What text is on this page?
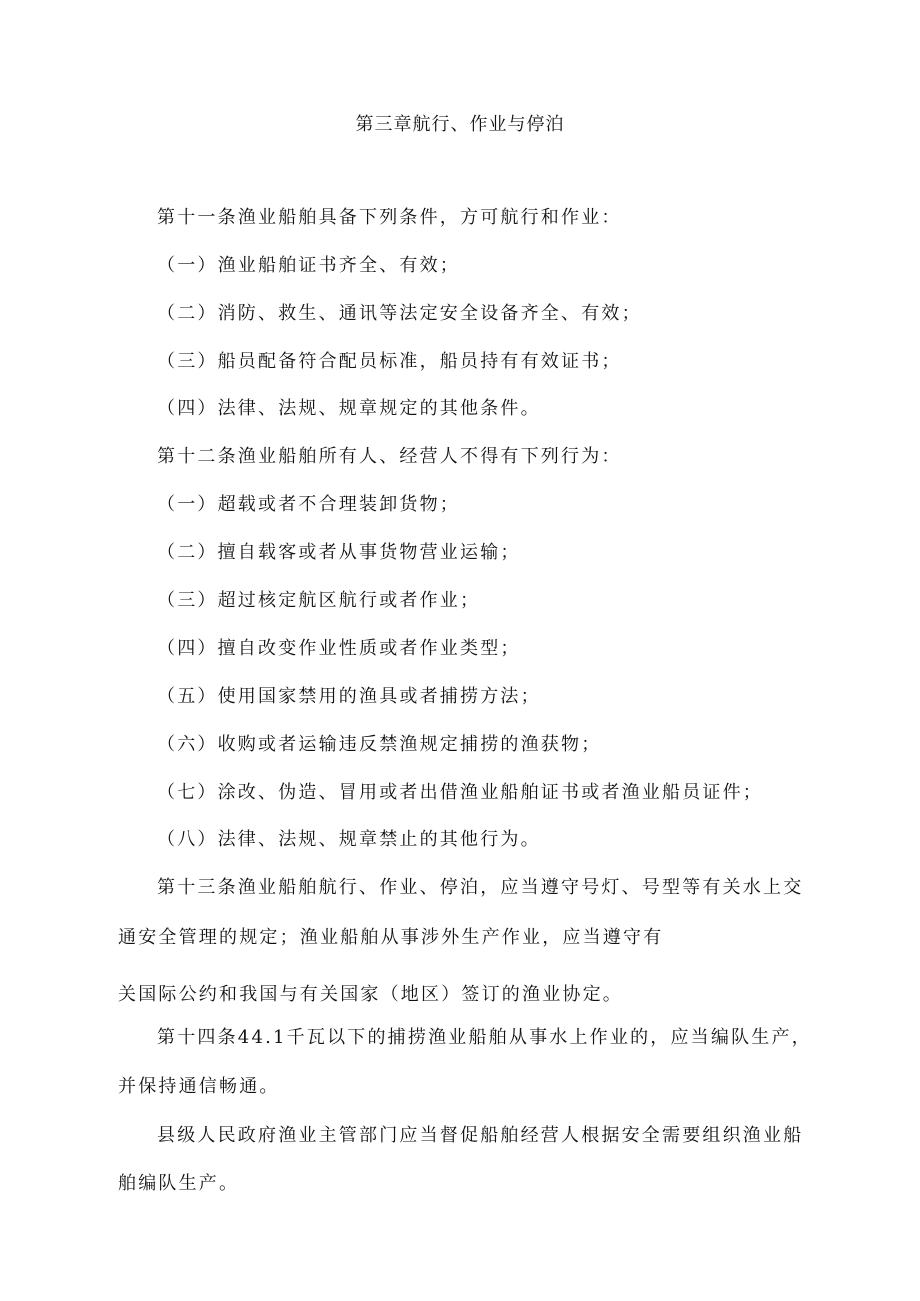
第三章航行、作业与停泊
第十一条渔业船舶具备下列条件，方可航行和作业：
（一）渔业船舶证书齐全、有效；
（二）消防、救生、通讯等法定安全设备齐全、有效；
（三）船员配备符合配员标准，船员持有有效证书；
（四）法律、法规、规章规定的其他条件。
第十二条渔业船舶所有人、经营人不得有下列行为：
（一）超载或者不合理装卸货物；
（二）擅自载客或者从事货物营业运输；
（三）超过核定航区航行或者作业；
（四）擅自改变作业性质或者作业类型；
（五）使用国家禁用的渔具或者捕捞方法；
（六）收购或者运输违反禁渔规定捕捞的渔获物；
（七）涂改、伪造、冒用或者出借渔业船舶证书或者渔业船员证件；
（八）法律、法规、规章禁止的其他行为。
第十三条渔业船舶航行、作业、停泊，应当遵守号灯、号型等有关水上交
通安全管理的规定；渔业船舶从事涉外生产作业，应当遵守有
关国际公约和我国与有关国家（地区）签订的渔业协定。
第十四条44.1千瓦以下的捕捞渔业船舶从事水上作业的，应当编队生产，
并保持通信畅通。
县级人民政府渔业主管部门应当督促船舶经营人根据安全需要组织渔业船
舶编队生产。
